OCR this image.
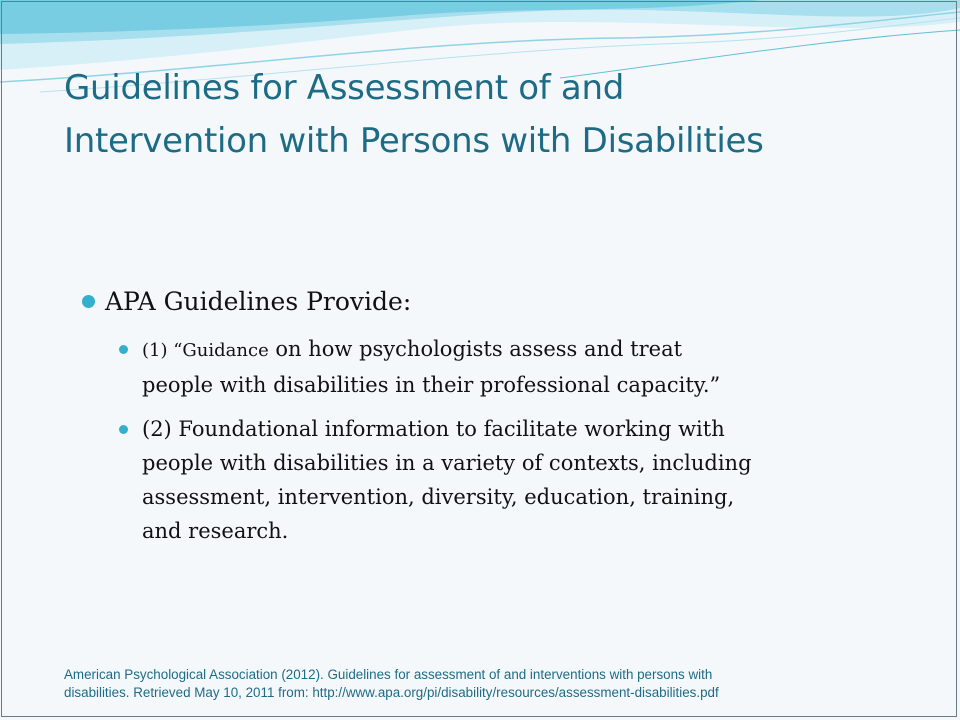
Guidelines for Assessment of and
Intervention with Persons with Disabilities
APA Guidelines Provide:
(1) “Guidance on how psychologists assess and treat
people with disabilities in their professional capacity.”
(2) Foundational information to facilitate working with
people with disabilities in a variety of contexts, including
assessment, intervention, diversity, education, training,
and research.
American Psychological Association (2012). Guidelines for assessment of and interventions with persons with
disabilities. Retrieved May 10, 2011 from: http://www.apa.org/pi/disability/resources/assessment-disabilities.pdf
